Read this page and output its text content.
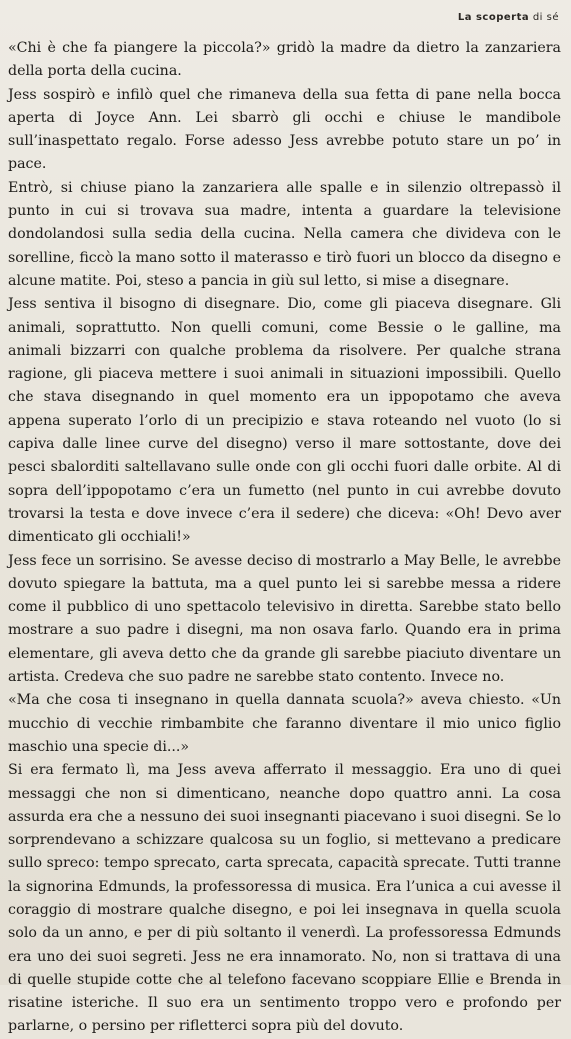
La scoperta di sé

«Chi è che fa piangere la piccola?» gridò la madre da dietro la zanzariera della porta della cucina.

Jess sospirò e infilò quel che rimaneva della sua fetta di pane nella bocca aperta di Joyce Ann. Lei sbarrò gli occhi e chiuse le mandibole sull’inaspettato regalo. Forse adesso Jess avrebbe potuto stare un po’ in pace.

Entrò, si chiuse piano la zanzariera alle spalle e in silenzio oltrepassò il punto in cui si trovava sua madre, intenta a guardare la televisione dondolandosi sulla sedia della cucina. Nella camera che divideva con le sorelline, ficcò la mano sotto il materasso e tirò fuori un blocco da disegno e alcune matite. Poi, steso a pancia in giù sul letto, si mise a disegnare.

Jess sentiva il bisogno di disegnare. Dio, come gli piaceva disegnare. Gli animali, soprattutto. Non quelli comuni, come Bessie o le galline, ma animali bizzarri con qualche problema da risolvere. Per qualche strana ragione, gli piaceva mettere i suoi animali in situazioni impossibili. Quello che stava disegnando in quel momento era un ippopotamo che aveva appena superato l’orlo di un precipizio e stava roteando nel vuoto (lo si capiva dalle linee curve del disegno) verso il mare sottostante, dove dei pesci sbalorditi saltellavano sulle onde con gli occhi fuori dalle orbite. Al di sopra dell’ippopotamo c’era un fumetto (nel punto in cui avrebbe dovuto trovarsi la testa e dove invece c’era il sedere) che diceva: «Oh! Devo aver dimenticato gli occhiali!»

Jess fece un sorrisino. Se avesse deciso di mostrarlo a May Belle, le avrebbe dovuto spiegare la battuta, ma a quel punto lei si sarebbe messa a ridere come il pubblico di uno spettacolo televisivo in diretta. Sarebbe stato bello mostrare a suo padre i disegni, ma non osava farlo. Quando era in prima elementare, gli aveva detto che da grande gli sarebbe piaciuto diventare un artista. Credeva che suo padre ne sarebbe stato contento. Invece no.

«Ma che cosa ti insegnano in quella dannata scuola?» aveva chiesto. «Un mucchio di vecchie rimbambite che faranno diventare il mio unico figlio maschio una specie di...»

Si era fermato lì, ma Jess aveva afferrato il messaggio. Era uno di quei messaggi che non si dimenticano, neanche dopo quattro anni. La cosa assurda era che a nessuno dei suoi insegnanti piacevano i suoi disegni. Se lo sorprendevano a schizzare qualcosa su un foglio, si mettevano a predicare sullo spreco: tempo sprecato, carta sprecata, capacità sprecate. Tutti tranne la signorina Edmunds, la professoressa di musica. Era l’unica a cui avesse il coraggio di mostrare qualche disegno, e poi lei insegnava in quella scuola solo da un anno, e per di più soltanto il venerdì. La professoressa Edmunds era uno dei suoi segreti. Jess ne era innamorato. No, non si trattava di una di quelle stupide cotte che al telefono facevano scoppiare Ellie e Brenda in risatine isteriche. Il suo era un sentimento troppo vero e profondo per parlarne, o persino per rifletterci sopra più del dovuto.
